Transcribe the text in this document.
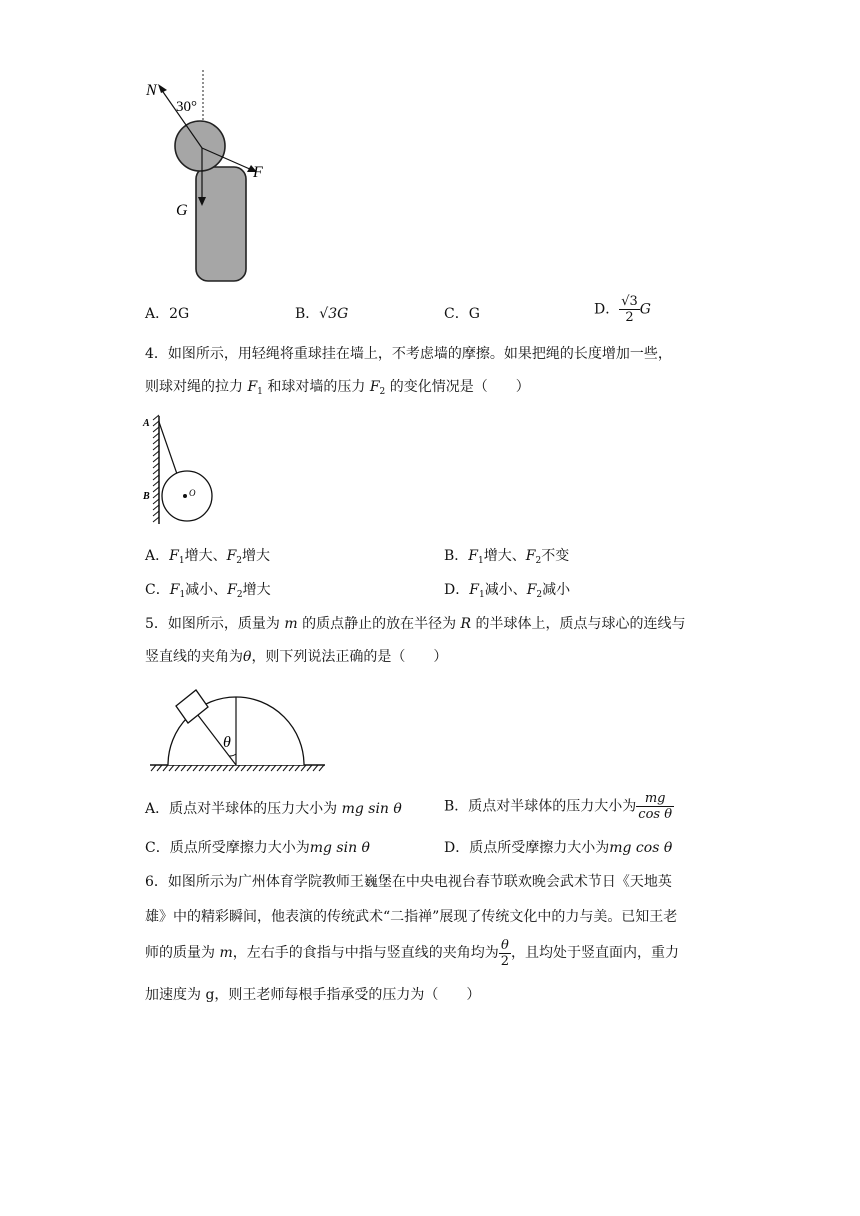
N
30°
F
G
A．2G	B．√3G	C．G	D． $\frac{√3}{2}$ G
4．如图所示，用轻绳将重球挂在墙上，不考虑墙的摩擦。如果把绳的长度增加一些，
则球对绳的拉力 $F_1$ 和球对墙的压力 $F_2$ 的变化情况是（　　）
A
B	O
A．$F_1$增大、$F_2$增大	B．$F_1$增大、$F_2$不变
C．$F_1$减小、$F_2$增大	D．$F_1$减小、$F_2$减小
5．如图所示，质量为 m 的质点静止的放在半径为 R 的半球体上，质点与球心的连线与
竖直线的夹角为θ，则下列说法正确的是（　　）
θ
A．质点对半球体的压力大小为 mg sin θ	B．质点对半球体的压力大小为 $\frac{mg}{\text{cos θ}}$
C．质点所受摩擦力大小为mg sin θ	D．质点所受摩擦力大小为mg cos θ
6．如图所示为广州体育学院教师王巍堡在中央电视台春节联欢晚会武术节日《天地英
雄》中的精彩瞬间，他表演的传统武术“二指禅”展现了传统文化中的力与美。已知王老
师的质量为 m，左右手的食指与中指与竖直线的夹角均为 $\frac{\theta}{2}$ ，且均处于竖直面内，重力
加速度为 g，则王老师每根手指承受的压力为（　　）
